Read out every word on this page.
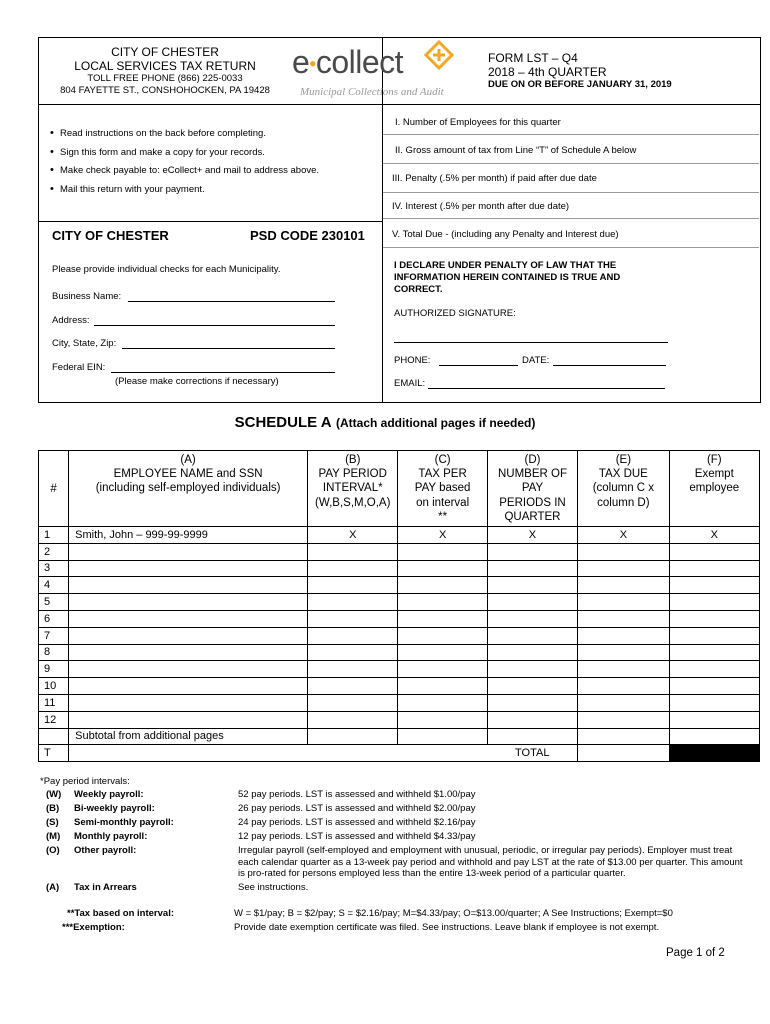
CITY OF CHESTER
LOCAL SERVICES TAX RETURN
TOLL FREE PHONE (866) 225-0033
804 FAYETTE ST., CONSHOHOCKEN, PA 19428
e•collect
Municipal Collections and Audit
FORM LST – Q4
2018 – 4th QUARTER
DUE ON OR BEFORE JANUARY 31, 2019
• Read instructions on the back before completing.
• Sign this form and make a copy for your records.
• Make check payable to: eCollect+ and mail to address above.
• Mail this return with your payment.
I. Number of Employees for this quarter
II. Gross amount of tax from Line “T” of Schedule A below
III. Penalty (.5% per month) if paid after due date
IV. Interest (.5% per month after due date)
V. Total Due - (including any Penalty and Interest due)
CITY OF CHESTER	PSD CODE 230101
Please provide individual checks for each Municipality.
Business Name:
Address:
City, State, Zip:
Federal EIN:
(Please make corrections if necessary)
I DECLARE UNDER PENALTY OF LAW THAT THE INFORMATION HEREIN CONTAINED IS TRUE AND CORRECT.
AUTHORIZED SIGNATURE:
PHONE:	DATE:
EMAIL:
SCHEDULE A (Attach additional pages if needed)
#	(A)
EMPLOYEE NAME and SSN
(including self-employed individuals)	(B)
PAY PERIOD
INTERVAL*
(W,B,S,M,O,A)	(C)
TAX PER
PAY based
on interval
**	(D)
NUMBER OF
PAY
PERIODS IN
QUARTER	(E)
TAX DUE
(column C x
column D)	(F)
Exempt
employee
1	Smith, John – 999-99-9999	X	X	X	X	X
2						
3						
4						
5						
6						
7						
8						
9						
10						
11						
12						
	Subtotal from additional pages					
T				TOTAL		
*Pay period intervals:
(W)	Weekly payroll:	52 pay periods. LST is assessed and withheld $1.00/pay
(B)	Bi-weekly payroll:	26 pay periods. LST is assessed and withheld $2.00/pay
(S)	Semi-monthly payroll:	24 pay periods. LST is assessed and withheld $2.16/pay
(M)	Monthly payroll:	12 pay periods. LST is assessed and withheld $4.33/pay
(O)	Other payroll:	Irregular payroll (self-employed and employment with unusual, periodic, or irregular pay periods). Employer must treat each calendar quarter as a 13-week pay period and withhold and pay LST at the rate of $13.00 per quarter. This amount is pro-rated for persons employed less than the entire 13-week period of a particular quarter.
(A)	Tax in Arrears	See instructions.
**Tax based on interval:	W = $1/pay; B = $2/pay; S = $2.16/pay; M=$4.33/pay; O=$13.00/quarter; A See Instructions; Exempt=$0
***Exemption:	Provide date exemption certificate was filed. See instructions. Leave blank if employee is not exempt.
Page 1 of 2
